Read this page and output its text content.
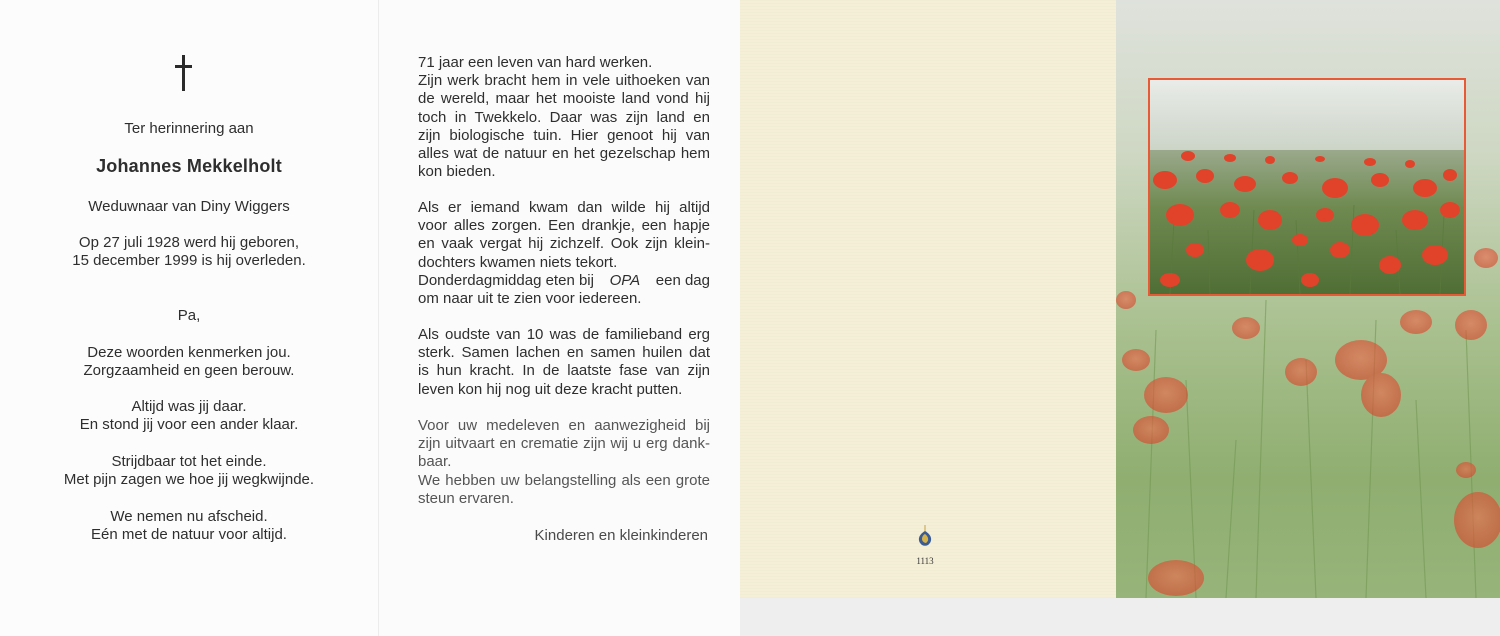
Ter herinnering aan
Johannes Mekkelholt
Weduwnaar van Diny Wiggers
Op 27 juli 1928 werd hij geboren,
15 december 1999 is hij overleden.
Pa,
Deze woorden kenmerken jou.
Zorgzaamheid en geen berouw.
Altijd was jij daar.
En stond jij voor een ander klaar.
Strijdbaar tot het einde.
Met pijn zagen we hoe jij wegkwijnde.
We nemen nu afscheid.
Eén met de natuur voor altijd.
71 jaar een leven van hard werken.
Zijn werk bracht hem in vele uithoeken van
de wereld, maar het mooiste land vond hij
toch in Twekkelo. Daar was zijn land en
zijn biologische tuin. Hier genoot hij van
alles wat de natuur en het gezelschap hem
kon bieden.
Als er iemand kwam dan wilde hij altijd
voor alles zorgen. Een drankje, een hapje
en vaak vergat hij zichzelf. Ook zijn klein-
dochters kwamen niets tekort.
Donderdagmiddag eten bij OPA een dag
om naar uit te zien voor iedereen.
Als oudste van 10 was de familieband erg
sterk. Samen lachen en samen huilen dat
is hun kracht. In de laatste fase van zijn
leven kon hij nog uit deze kracht putten.
Voor uw medeleven en aanwezigheid bij
zijn uitvaart en crematie zijn wij u erg dank-
baar.
We hebben uw belangstelling als een grote
steun ervaren.
Kinderen en kleinkinderen
1113
